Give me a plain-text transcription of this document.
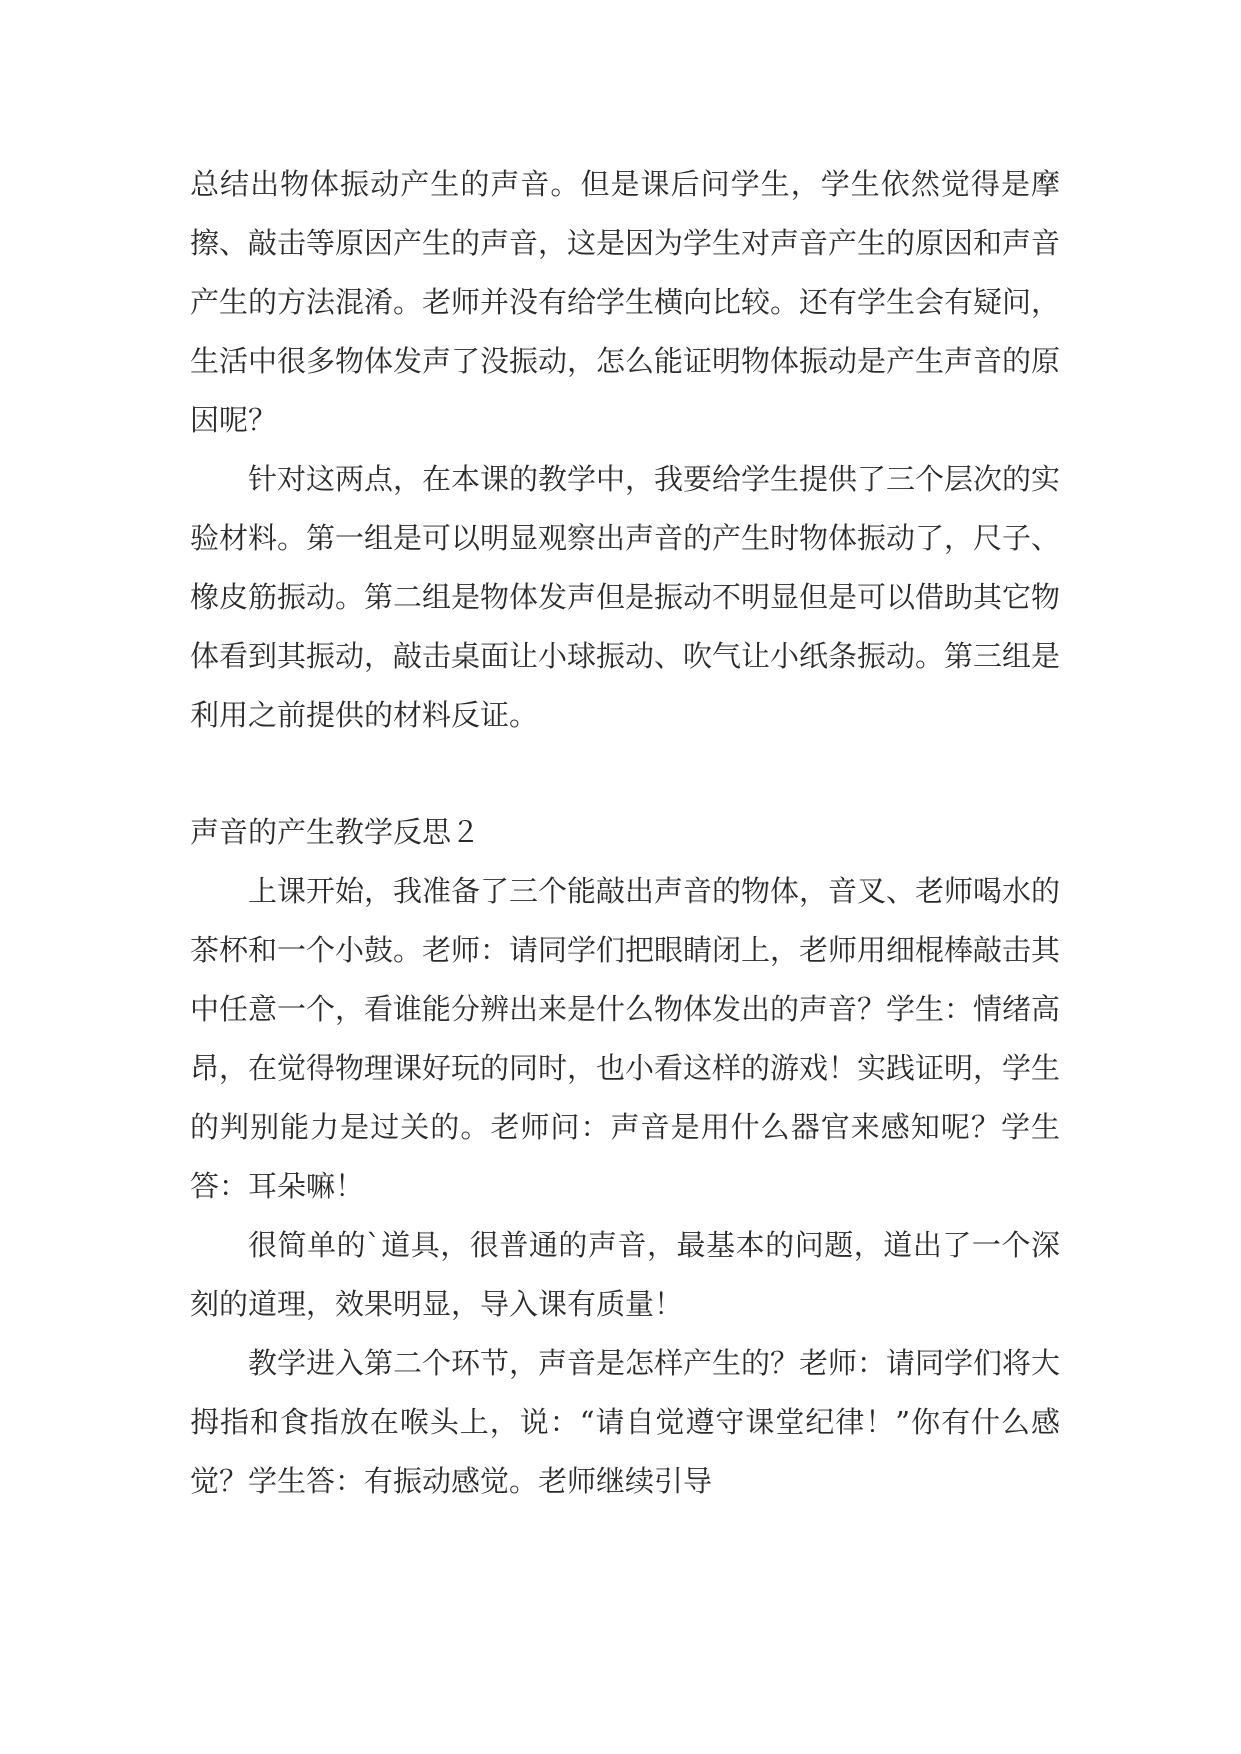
总结出物体振动产生的声音。但是课后问学生，学生依然觉得是摩擦、敲击等原因产生的声音，这是因为学生对声音产生的原因和声音产生的方法混淆。老师并没有给学生横向比较。还有学生会有疑问，生活中很多物体发声了没振动，怎么能证明物体振动是产生声音的原因呢？

针对这两点，在本课的教学中，我要给学生提供了三个层次的实验材料。第一组是可以明显观察出声音的产生时物体振动了，尺子、橡皮筋振动。第二组是物体发声但是振动不明显但是可以借助其它物体看到其振动，敲击桌面让小球振动、吹气让小纸条振动。第三组是利用之前提供的材料反证。

声音的产生教学反思２

上课开始，我准备了三个能敲出声音的物体，音叉、老师喝水的茶杯和一个小鼓。老师：请同学们把眼睛闭上，老师用细棍棒敲击其中任意一个，看谁能分辨出来是什么物体发出的声音？学生：情绪高昂，在觉得物理课好玩的同时，也小看这样的游戏！实践证明，学生的判别能力是过关的。老师问：声音是用什么器官来感知呢？学生答：耳朵嘛！

很简单的`道具，很普通的声音，最基本的问题，道出了一个深刻的道理，效果明显，导入课有质量！

教学进入第二个环节，声音是怎样产生的？老师：请同学们将大拇指和食指放在喉头上，说：“请自觉遵守课堂纪律！”你有什么感觉？学生答：有振动感觉。老师继续引导
